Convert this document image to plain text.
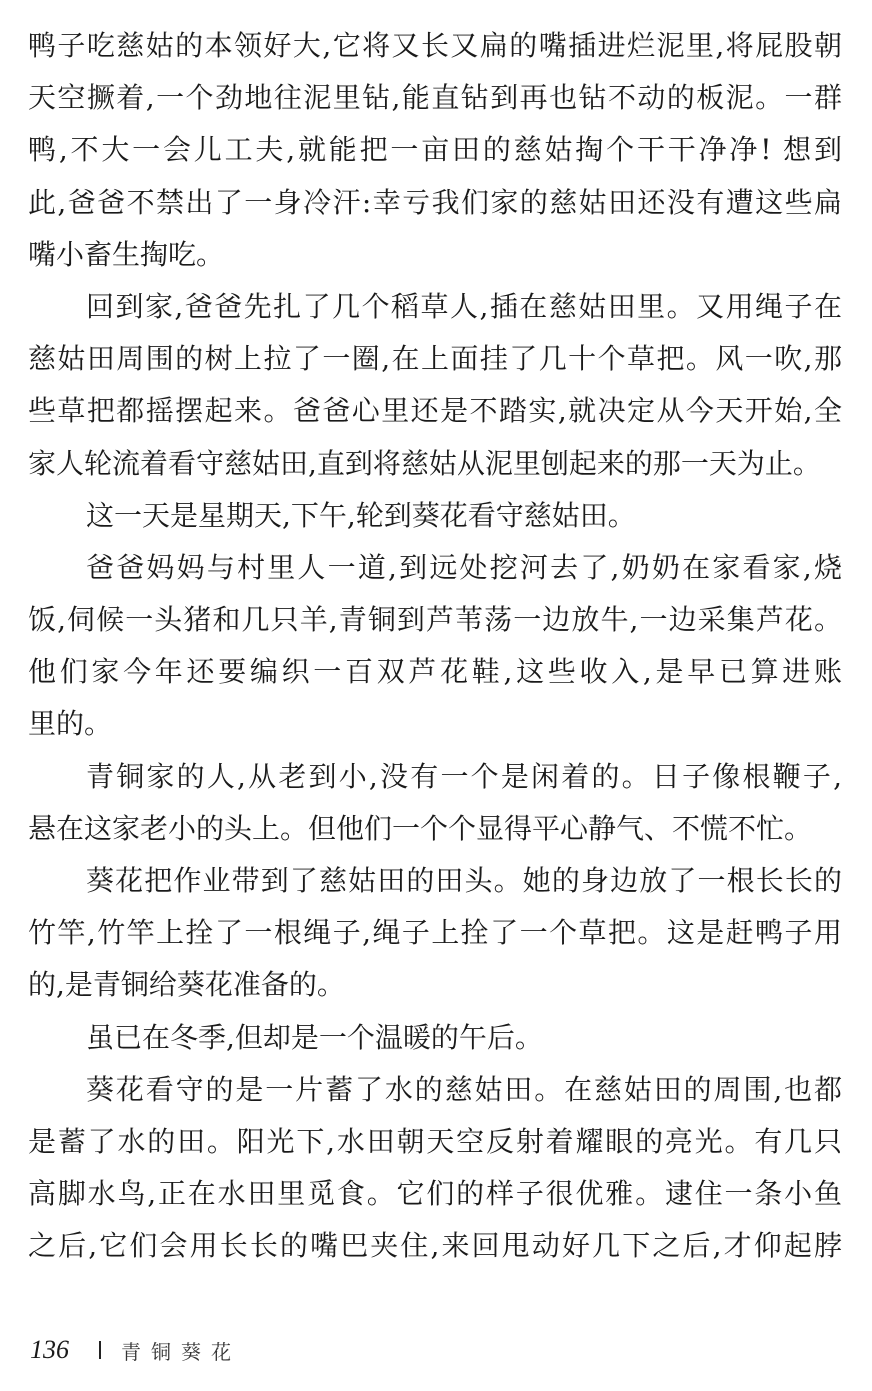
鸭子吃慈姑的本领好大,它将又长又扁的嘴插进烂泥里,将屁股朝
天空撅着,一个劲地往泥里钻,能直钻到再也钻不动的板泥。一群
鸭,不大一会儿工夫,就能把一亩田的慈姑掏个干干净净! 想到
此,爸爸不禁出了一身冷汗:幸亏我们家的慈姑田还没有遭这些扁
嘴小畜生掏吃。
回到家,爸爸先扎了几个稻草人,插在慈姑田里。又用绳子在
慈姑田周围的树上拉了一圈,在上面挂了几十个草把。风一吹,那
些草把都摇摆起来。爸爸心里还是不踏实,就决定从今天开始,全
家人轮流着看守慈姑田,直到将慈姑从泥里刨起来的那一天为止。
这一天是星期天,下午,轮到葵花看守慈姑田。
爸爸妈妈与村里人一道,到远处挖河去了,奶奶在家看家,烧
饭,伺候一头猪和几只羊,青铜到芦苇荡一边放牛,一边采集芦花。
他们家今年还要编织一百双芦花鞋,这些收入,是早已算进账
里的。
青铜家的人,从老到小,没有一个是闲着的。日子像根鞭子,
悬在这家老小的头上。但他们一个个显得平心静气、不慌不忙。
葵花把作业带到了慈姑田的田头。她的身边放了一根长长的
竹竿,竹竿上拴了一根绳子,绳子上拴了一个草把。这是赶鸭子用
的,是青铜给葵花准备的。
虽已在冬季,但却是一个温暖的午后。
葵花看守的是一片蓄了水的慈姑田。在慈姑田的周围,也都
是蓄了水的田。阳光下,水田朝天空反射着耀眼的亮光。有几只
高脚水鸟,正在水田里觅食。它们的样子很优雅。逮住一条小鱼
之后,它们会用长长的嘴巴夹住,来回甩动好几下之后,才仰起脖
136	青铜葵花
